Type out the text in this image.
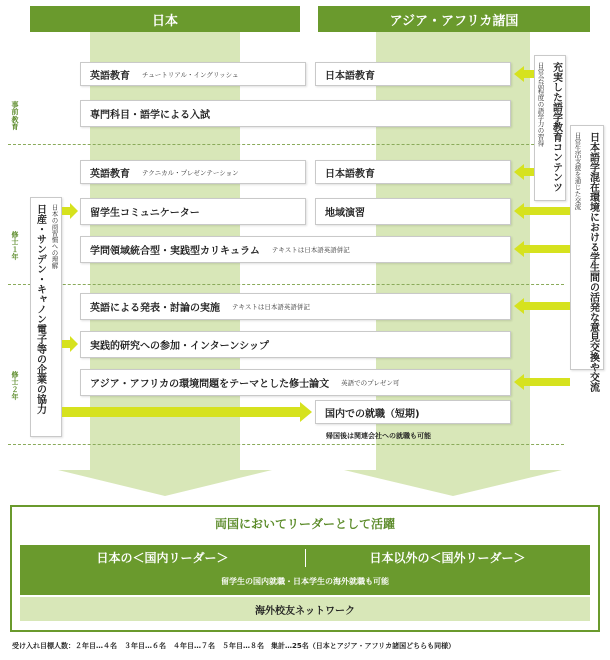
日本	アジア・アフリカ諸国
事前教育
修士１年
修士２年
英語教育 チュートリアル・イングリッシュ	日本語教育
専門科目・語学による入試
英語教育 テクニカル・プレゼンテーション	日本語教育
留学生コミュニケーター	地域演習
学問領域統合型・実践型カリキュラム テキストは日本語英語併記
英語による発表・討論の実施 テキストは日本語英語併記
実践的研究への参加・インターンシップ
アジア・アフリカの環境問題をテーマとした修士論文 英語でのプレゼン可
国内での就職（短期)
帰国後は関連会社への就職も可能
日本の商習慣への理解
日産・サンデン・キャノン電子等の企業の協力
充実した語学教育コンテンツ
日常会話程度の語学力の習得
日本語学混在環境における学生間の活発な意見交換や交流
日常生活支援を通じた交流
両国においてリーダーとして活躍
日本の＜国内リーダー＞	日本以外の＜国外リーダー＞
留学生の国内就職・日本学生の海外就職も可能
海外校友ネットワーク
受け入れ目標人数：２年目…４名　３年目…６名　４年目…７名　５年目…８名　集計…25名（日本とアジア・アフリカ諸国どちらも同様）
